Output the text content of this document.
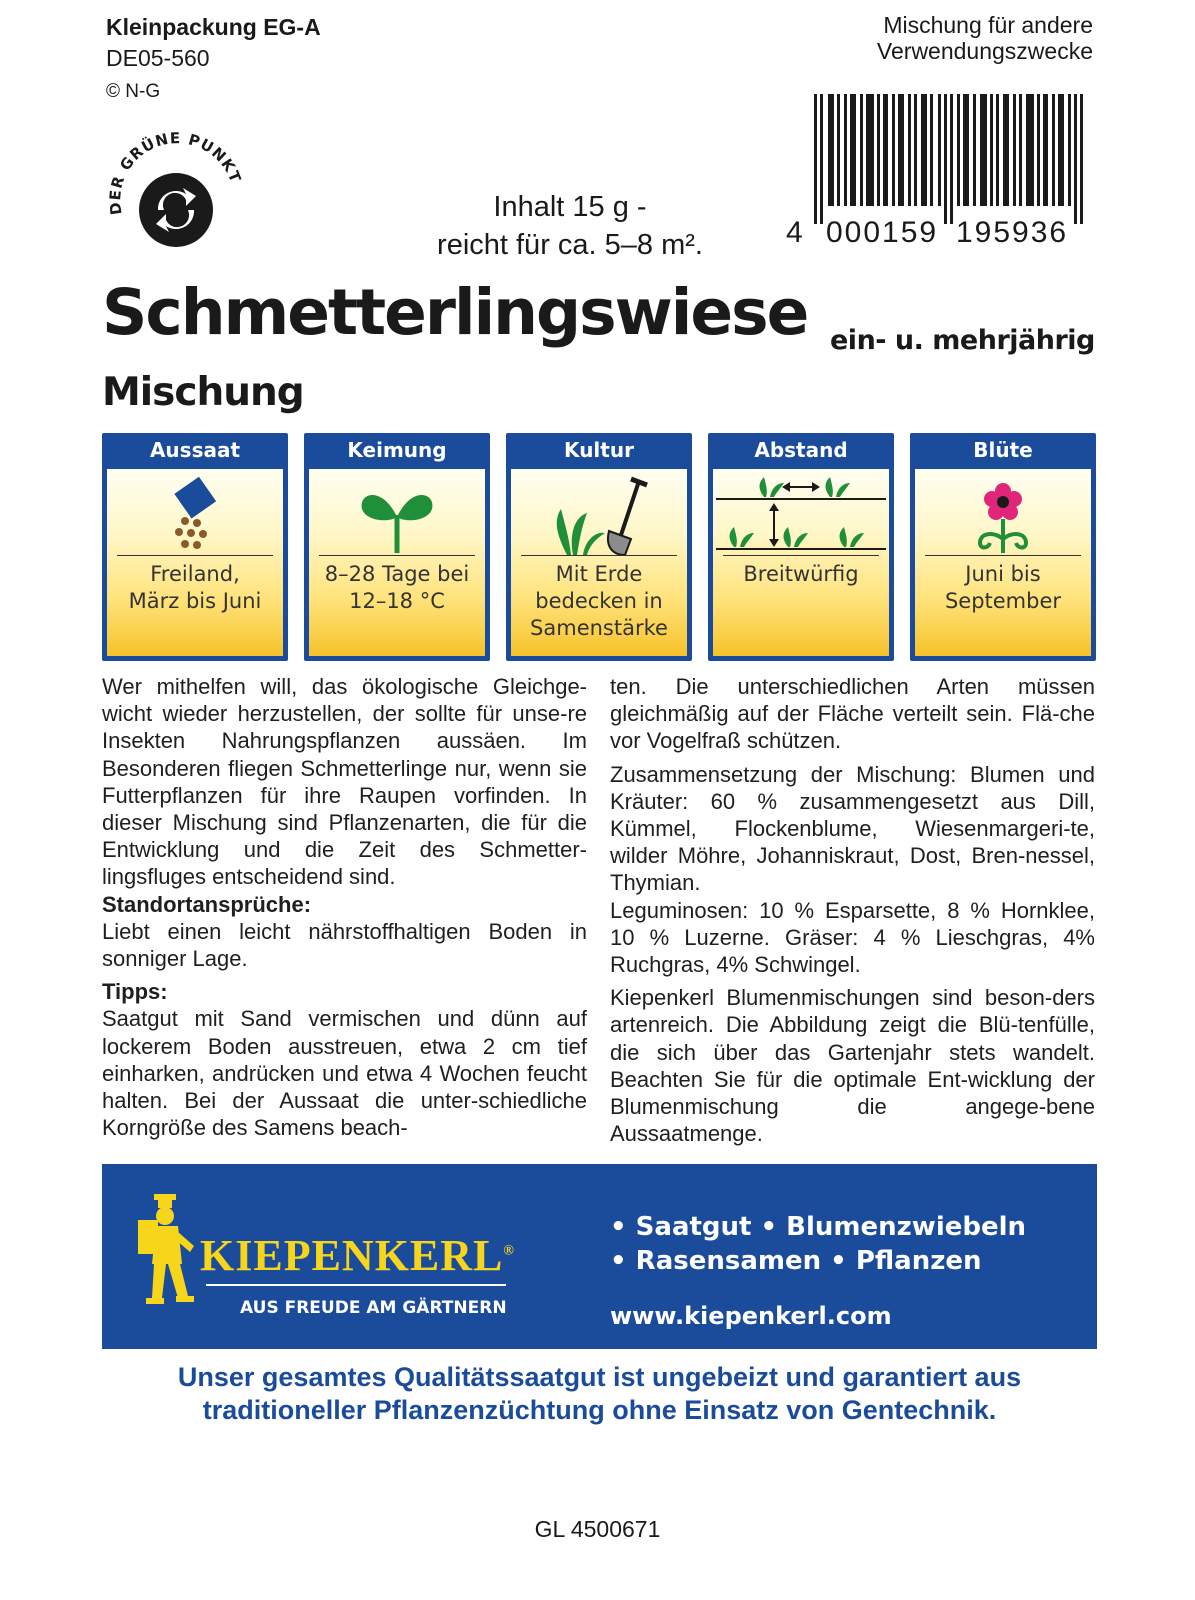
Kleinpackung EG-A
DE05-560
© N-G
Mischung für andere
Verwendungszwecke
DER GRÜNE PUNKT
Inhalt 15 g -
reicht für ca. 5–8 m².	4 000159 195936
Schmetterlingswiese ein- u. mehrjährig
Mischung
Aussaat
Freiland,
März bis Juni
Keimung
8–28 Tage bei
12–18 °C
Kultur
Mit Erde
bedecken in
Samenstärke
Abstand
Breitwürfig
Blüte
Juni bis
September

Wer mithelfen will, das ökologische Gleichge-wicht wieder herzustellen, der sollte für unse-re Insekten Nahrungspflanzen aussäen. Im Besonderen fliegen Schmetterlinge nur, wenn sie Futterpflanzen für ihre Raupen vorfinden. In dieser Mischung sind Pflanzenarten, die für die Entwicklung und die Zeit des Schmetter-lingsfluges entscheidend sind.

Standortansprüche:

Liebt einen leicht nährstoffhaltigen Boden in sonniger Lage.

Tipps:

Saatgut mit Sand vermischen und dünn auf lockerem Boden ausstreuen, etwa 2 cm tief einharken, andrücken und etwa 4 Wochen feucht halten. Bei der Aussaat die unter-schiedliche Korngröße des Samens beach-

ten. Die unterschiedlichen Arten müssen gleichmäßig auf der Fläche verteilt sein. Flä-che vor Vogelfraß schützen.

Zusammensetzung der Mischung: Blumen und Kräuter: 60 % zusammengesetzt aus Dill, Kümmel, Flockenblume, Wiesenmargeri-te, wilder Möhre, Johanniskraut, Dost, Bren-nessel, Thymian.

Leguminosen: 10 % Esparsette, 8 % Hornklee, 10 % Luzerne. Gräser: 4 % Lieschgras, 4% Ruchgras, 4% Schwingel.

Kiepenkerl Blumenmischungen sind beson-ders artenreich. Die Abbildung zeigt die Blü-tenfülle, die sich über das Gartenjahr stets wandelt. Beachten Sie für die optimale Ent-wicklung der Blumenmischung die angege-bene Aussaatmenge.

KIEPENKERL®
AUS FREUDE AM GÄRTNERN
• Saatgut • Blumenzwiebeln
• Rasensamen • Pflanzen
www.kiepenkerl.com
Unser gesamtes Qualitätssaatgut ist ungebeizt und garantiert aus
traditioneller Pflanzenzüchtung ohne Einsatz von Gentechnik.
GL 4500671
